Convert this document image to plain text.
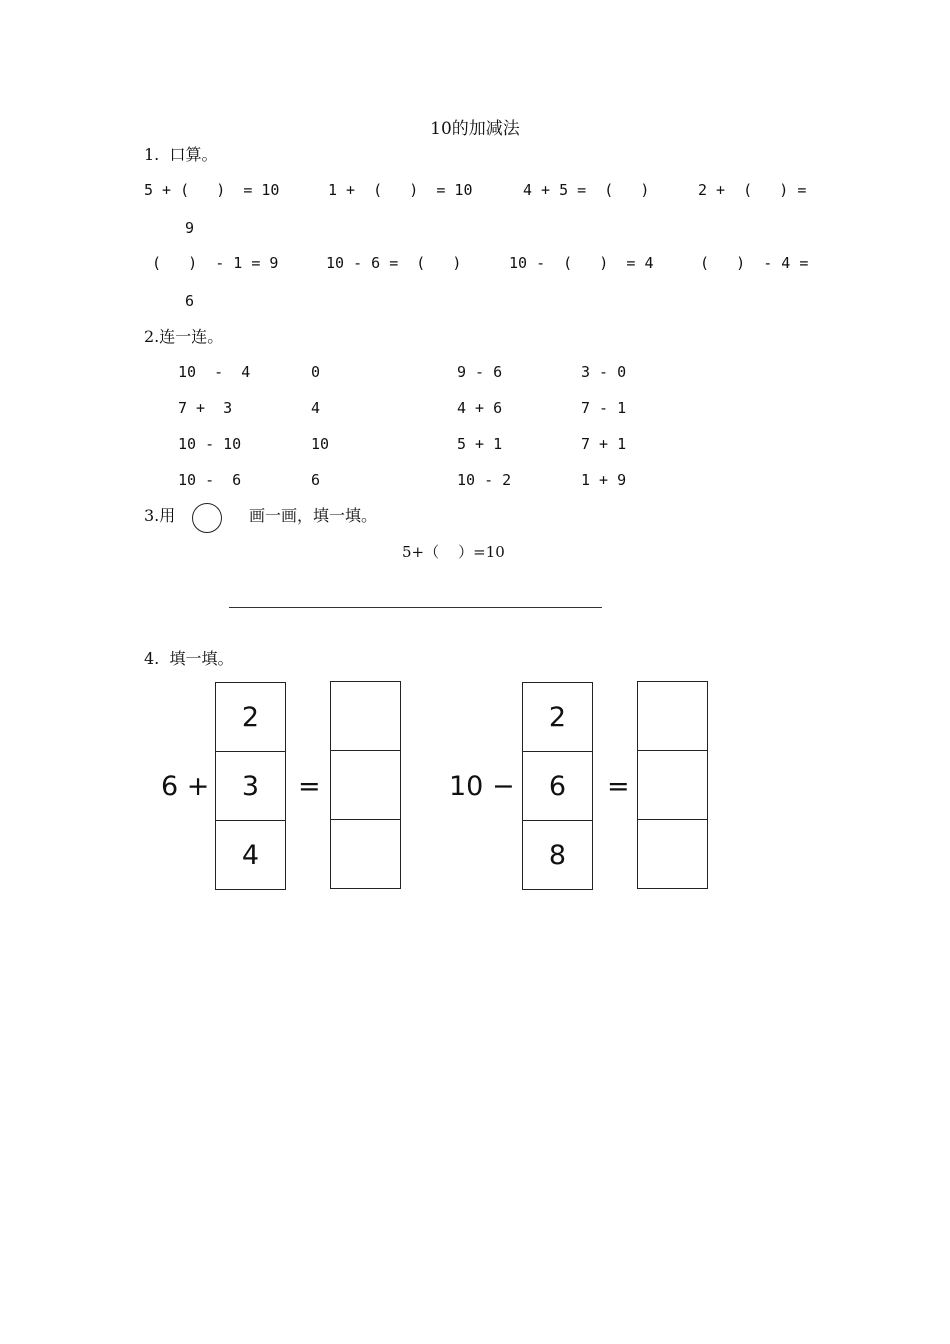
10的加减法
1.  口算。
5 + (   )  = 10	1 +  (   )  = 10	4 + 5 =  (   )	2 +  (   ) =
9
(   )  - 1 = 9	10 - 6 =  (   )	10 -  (   )  = 4	(   )  - 4 =
6
2.连一连。
10  -  4	0	9 - 6	3 - 0
7 +  3	4	4 + 6	7 - 1
10 - 10	10	5 + 1	7 + 1
10 -  6	6	10 - 2	1 + 9
3.用	画一画，填一填。
5+（    ）=10
4.  填一填。
6 +
2
3
4
=	10 −
2
6
8
=
